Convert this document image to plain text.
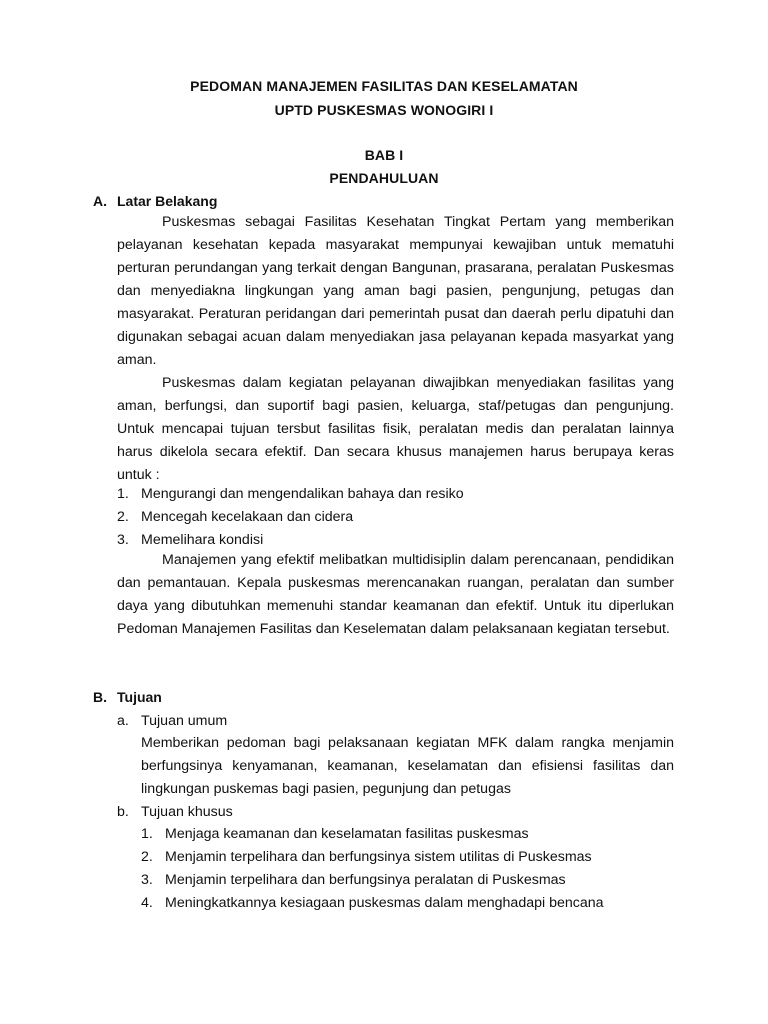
PEDOMAN MANAJEMEN FASILITAS DAN KESELAMATAN
UPTD PUSKESMAS WONOGIRI I
BAB I
PENDAHULUAN
A. Latar Belakang
Puskesmas sebagai Fasilitas Kesehatan Tingkat Pertam yang memberikan pelayanan kesehatan kepada masyarakat mempunyai kewajiban untuk mematuhi perturan perundangan yang terkait dengan Bangunan, prasarana, peralatan Puskesmas dan menyediakna lingkungan yang aman bagi pasien, pengunjung, petugas dan masyarakat. Peraturan peridangan dari pemerintah pusat dan daerah perlu dipatuhi dan digunakan sebagai acuan dalam menyediakan jasa pelayanan kepada masyarkat yang aman.
Puskesmas dalam kegiatan pelayanan diwajibkan menyediakan fasilitas yang aman, berfungsi, dan suportif bagi pasien, keluarga, staf/petugas dan pengunjung. Untuk mencapai tujuan tersbut fasilitas fisik, peralatan medis dan peralatan lainnya harus dikelola secara efektif. Dan secara khusus manajemen harus berupaya keras untuk :
1. Mengurangi dan mengendalikan bahaya dan resiko
2. Mencegah kecelakaan dan cidera
3. Memelihara kondisi
Manajemen yang efektif melibatkan multidisiplin dalam perencanaan, pendidikan dan pemantauan. Kepala puskesmas merencanakan ruangan, peralatan dan sumber daya yang dibutuhkan memenuhi standar keamanan dan efektif. Untuk itu diperlukan Pedoman Manajemen Fasilitas dan Keselematan dalam pelaksanaan kegiatan tersebut.
B. Tujuan
a. Tujuan umum
Memberikan pedoman bagi pelaksanaan kegiatan MFK dalam rangka menjamin berfungsinya kenyamanan, keamanan, keselamatan dan efisiensi fasilitas dan lingkungan puskemas bagi pasien, pegunjung dan petugas
b. Tujuan khusus
1. Menjaga keamanan dan keselamatan fasilitas puskesmas
2. Menjamin terpelihara dan berfungsinya sistem utilitas di Puskesmas
3. Menjamin terpelihara dan berfungsinya peralatan di Puskesmas
4. Meningkatkannya kesiagaan puskesmas dalam menghadapi bencana
